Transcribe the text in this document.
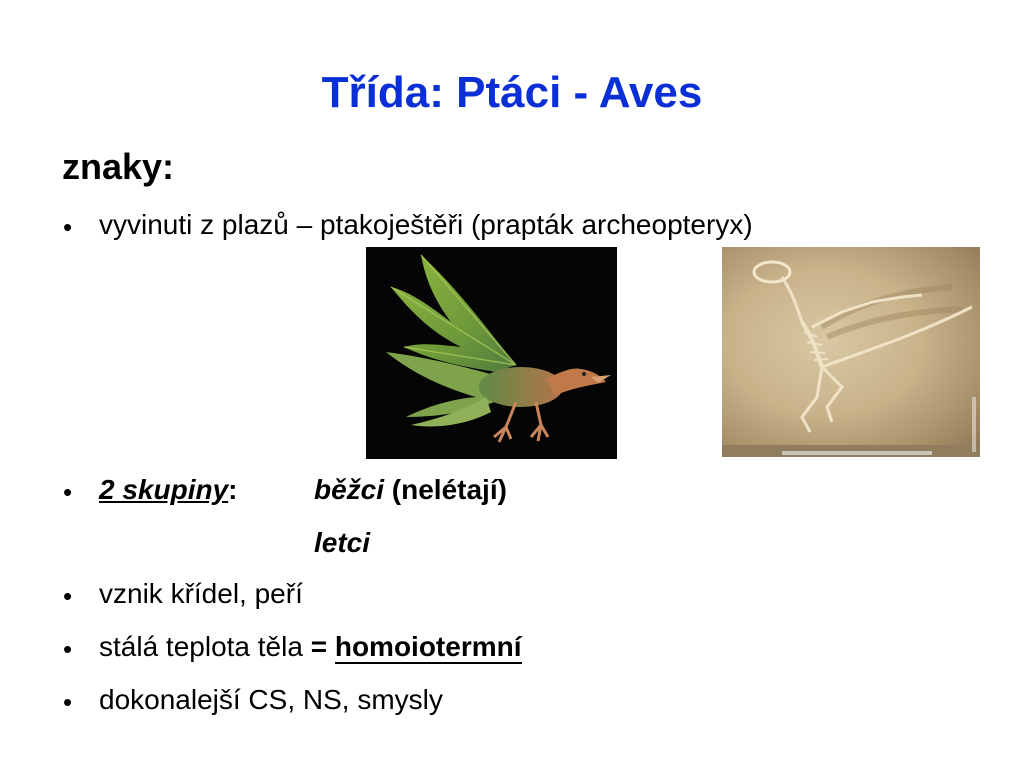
Třída: Ptáci - Aves
znaky:
• vyvinuti z plazů – ptakoještěři (prapták archeopteryx)
• 2 skupiny:	běžci (nelétají)
letci
• vznik křídel, peří
• stálá teplota těla = homoiotermní
• dokonalejší CS, NS, smysly
